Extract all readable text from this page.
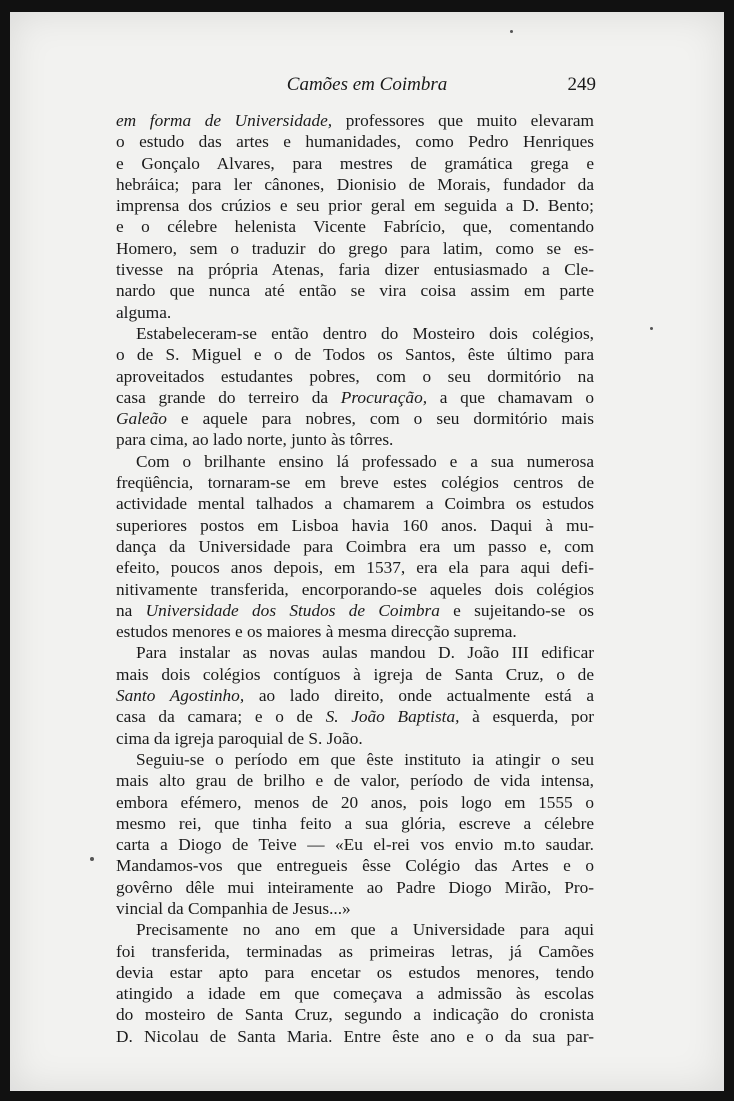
Camões em Coimbra	249
em forma de Universidade, professores que muito elevaram
o estudo das artes e humanidades, como Pedro Henriques
e Gonçalo Alvares, para mestres de gramática grega e
hebráica; para ler cânones, Dionisio de Morais, fundador da
imprensa dos crúzios e seu prior geral em seguida a D. Bento;
e o célebre helenista Vicente Fabrício, que, comentando
Homero, sem o traduzir do grego para latim, como se es-
tivesse na própria Atenas, faria dizer entusiasmado a Cle-
nardo que nunca até então se vira coisa assim em parte
alguma.
Estabeleceram-se então dentro do Mosteiro dois colégios,
o de S. Miguel e o de Todos os Santos, êste último para
aproveitados estudantes pobres, com o seu dormitório na
casa grande do terreiro da Procuração, a que chamavam o
Galeão e aquele para nobres, com o seu dormitório mais
para cima, ao lado norte, junto às tôrres.
Com o brilhante ensino lá professado e a sua numerosa
freqüência, tornaram-se em breve estes colégios centros de
actividade mental talhados a chamarem a Coimbra os estudos
superiores postos em Lisboa havia 160 anos. Daqui à mu-
dança da Universidade para Coimbra era um passo e, com
efeito, poucos anos depois, em 1537, era ela para aqui defi-
nitivamente transferida, encorporando-se aqueles dois colégios
na Universidade dos Studos de Coimbra e sujeitando-se os
estudos menores e os maiores à mesma direcção suprema.
Para instalar as novas aulas mandou D. João III edificar
mais dois colégios contíguos à igreja de Santa Cruz, o de
Santo Agostinho, ao lado direito, onde actualmente está a
casa da camara; e o de S. João Baptista, à esquerda, por
cima da igreja paroquial de S. João.
Seguiu-se o período em que êste instituto ia atingir o seu
mais alto grau de brilho e de valor, período de vida intensa,
embora efémero, menos de 20 anos, pois logo em 1555 o
mesmo rei, que tinha feito a sua glória, escreve a célebre
carta a Diogo de Teive — «Eu el-rei vos envio m.to saudar.
Mandamos-vos que entregueis êsse Colégio das Artes e o
govêrno dêle mui inteiramente ao Padre Diogo Mirão, Pro-
vincial da Companhia de Jesus...»
Precisamente no ano em que a Universidade para aqui
foi transferida, terminadas as primeiras letras, já Camões
devia estar apto para encetar os estudos menores, tendo
atingido a idade em que começava a admissão às escolas
do mosteiro de Santa Cruz, segundo a indicação do cronista
D. Nicolau de Santa Maria. Entre êste ano e o da sua par-
